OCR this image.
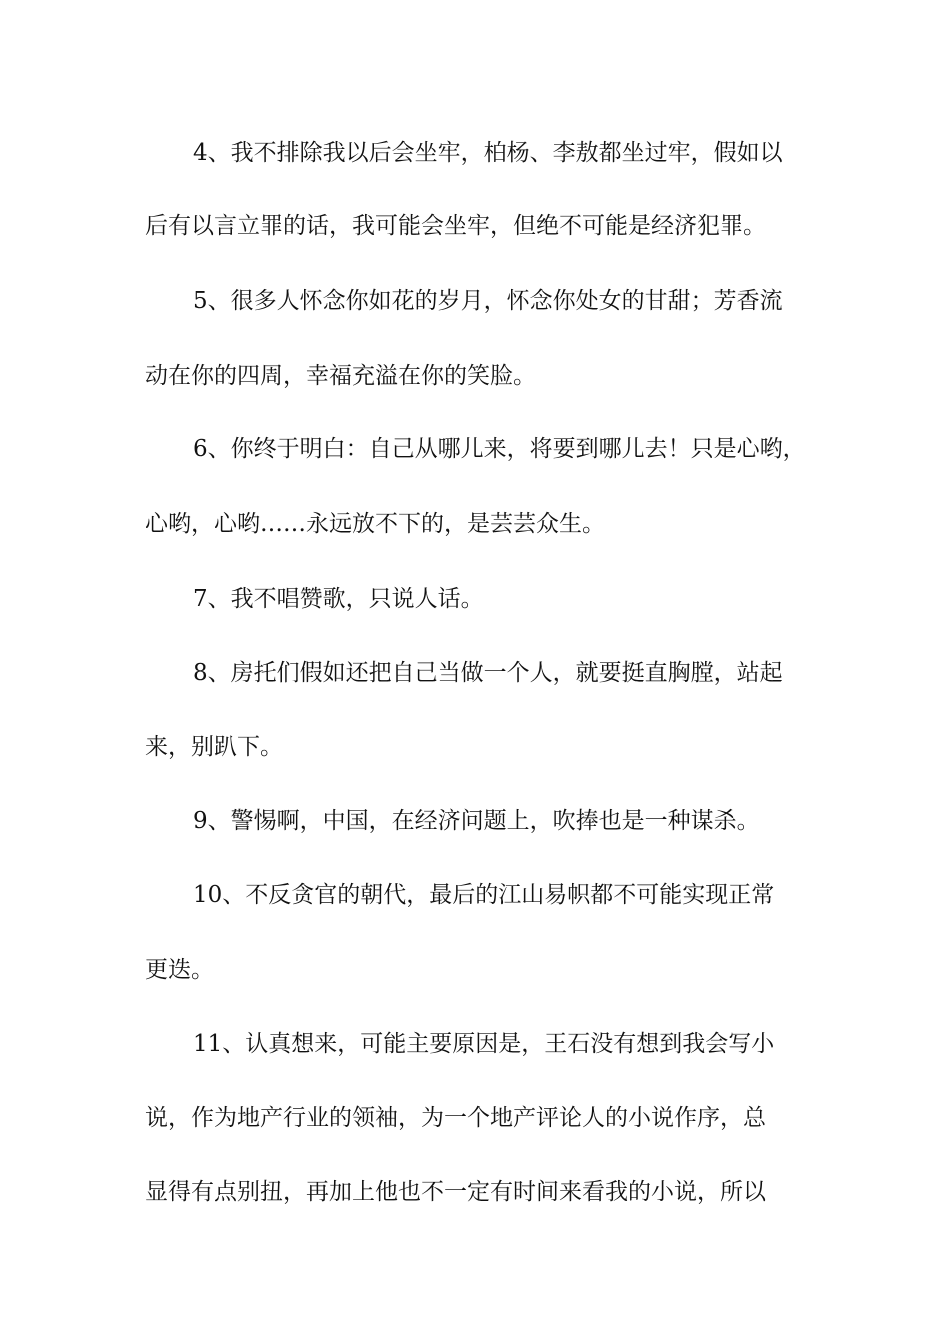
4、我不排除我以后会坐牢，柏杨、李敖都坐过牢，假如以
后有以言立罪的话，我可能会坐牢，但绝不可能是经济犯罪。
5、很多人怀念你如花的岁月，怀念你处女的甘甜；芳香流
动在你的四周，幸福充溢在你的笑脸。
6、你终于明白：自己从哪儿来，将要到哪儿去！只是心哟，
心哟，心哟……永远放不下的，是芸芸众生。
7、我不唱赞歌，只说人话。
8、房托们假如还把自己当做一个人，就要挺直胸膛，站起
来，别趴下。
9、警惕啊，中国，在经济问题上，吹捧也是一种谋杀。
10、不反贪官的朝代，最后的江山易帜都不可能实现正常
更迭。
11、认真想来，可能主要原因是，王石没有想到我会写小
说，作为地产行业的领袖，为一个地产评论人的小说作序，总
显得有点别扭，再加上他也不一定有时间来看我的小说，所以
